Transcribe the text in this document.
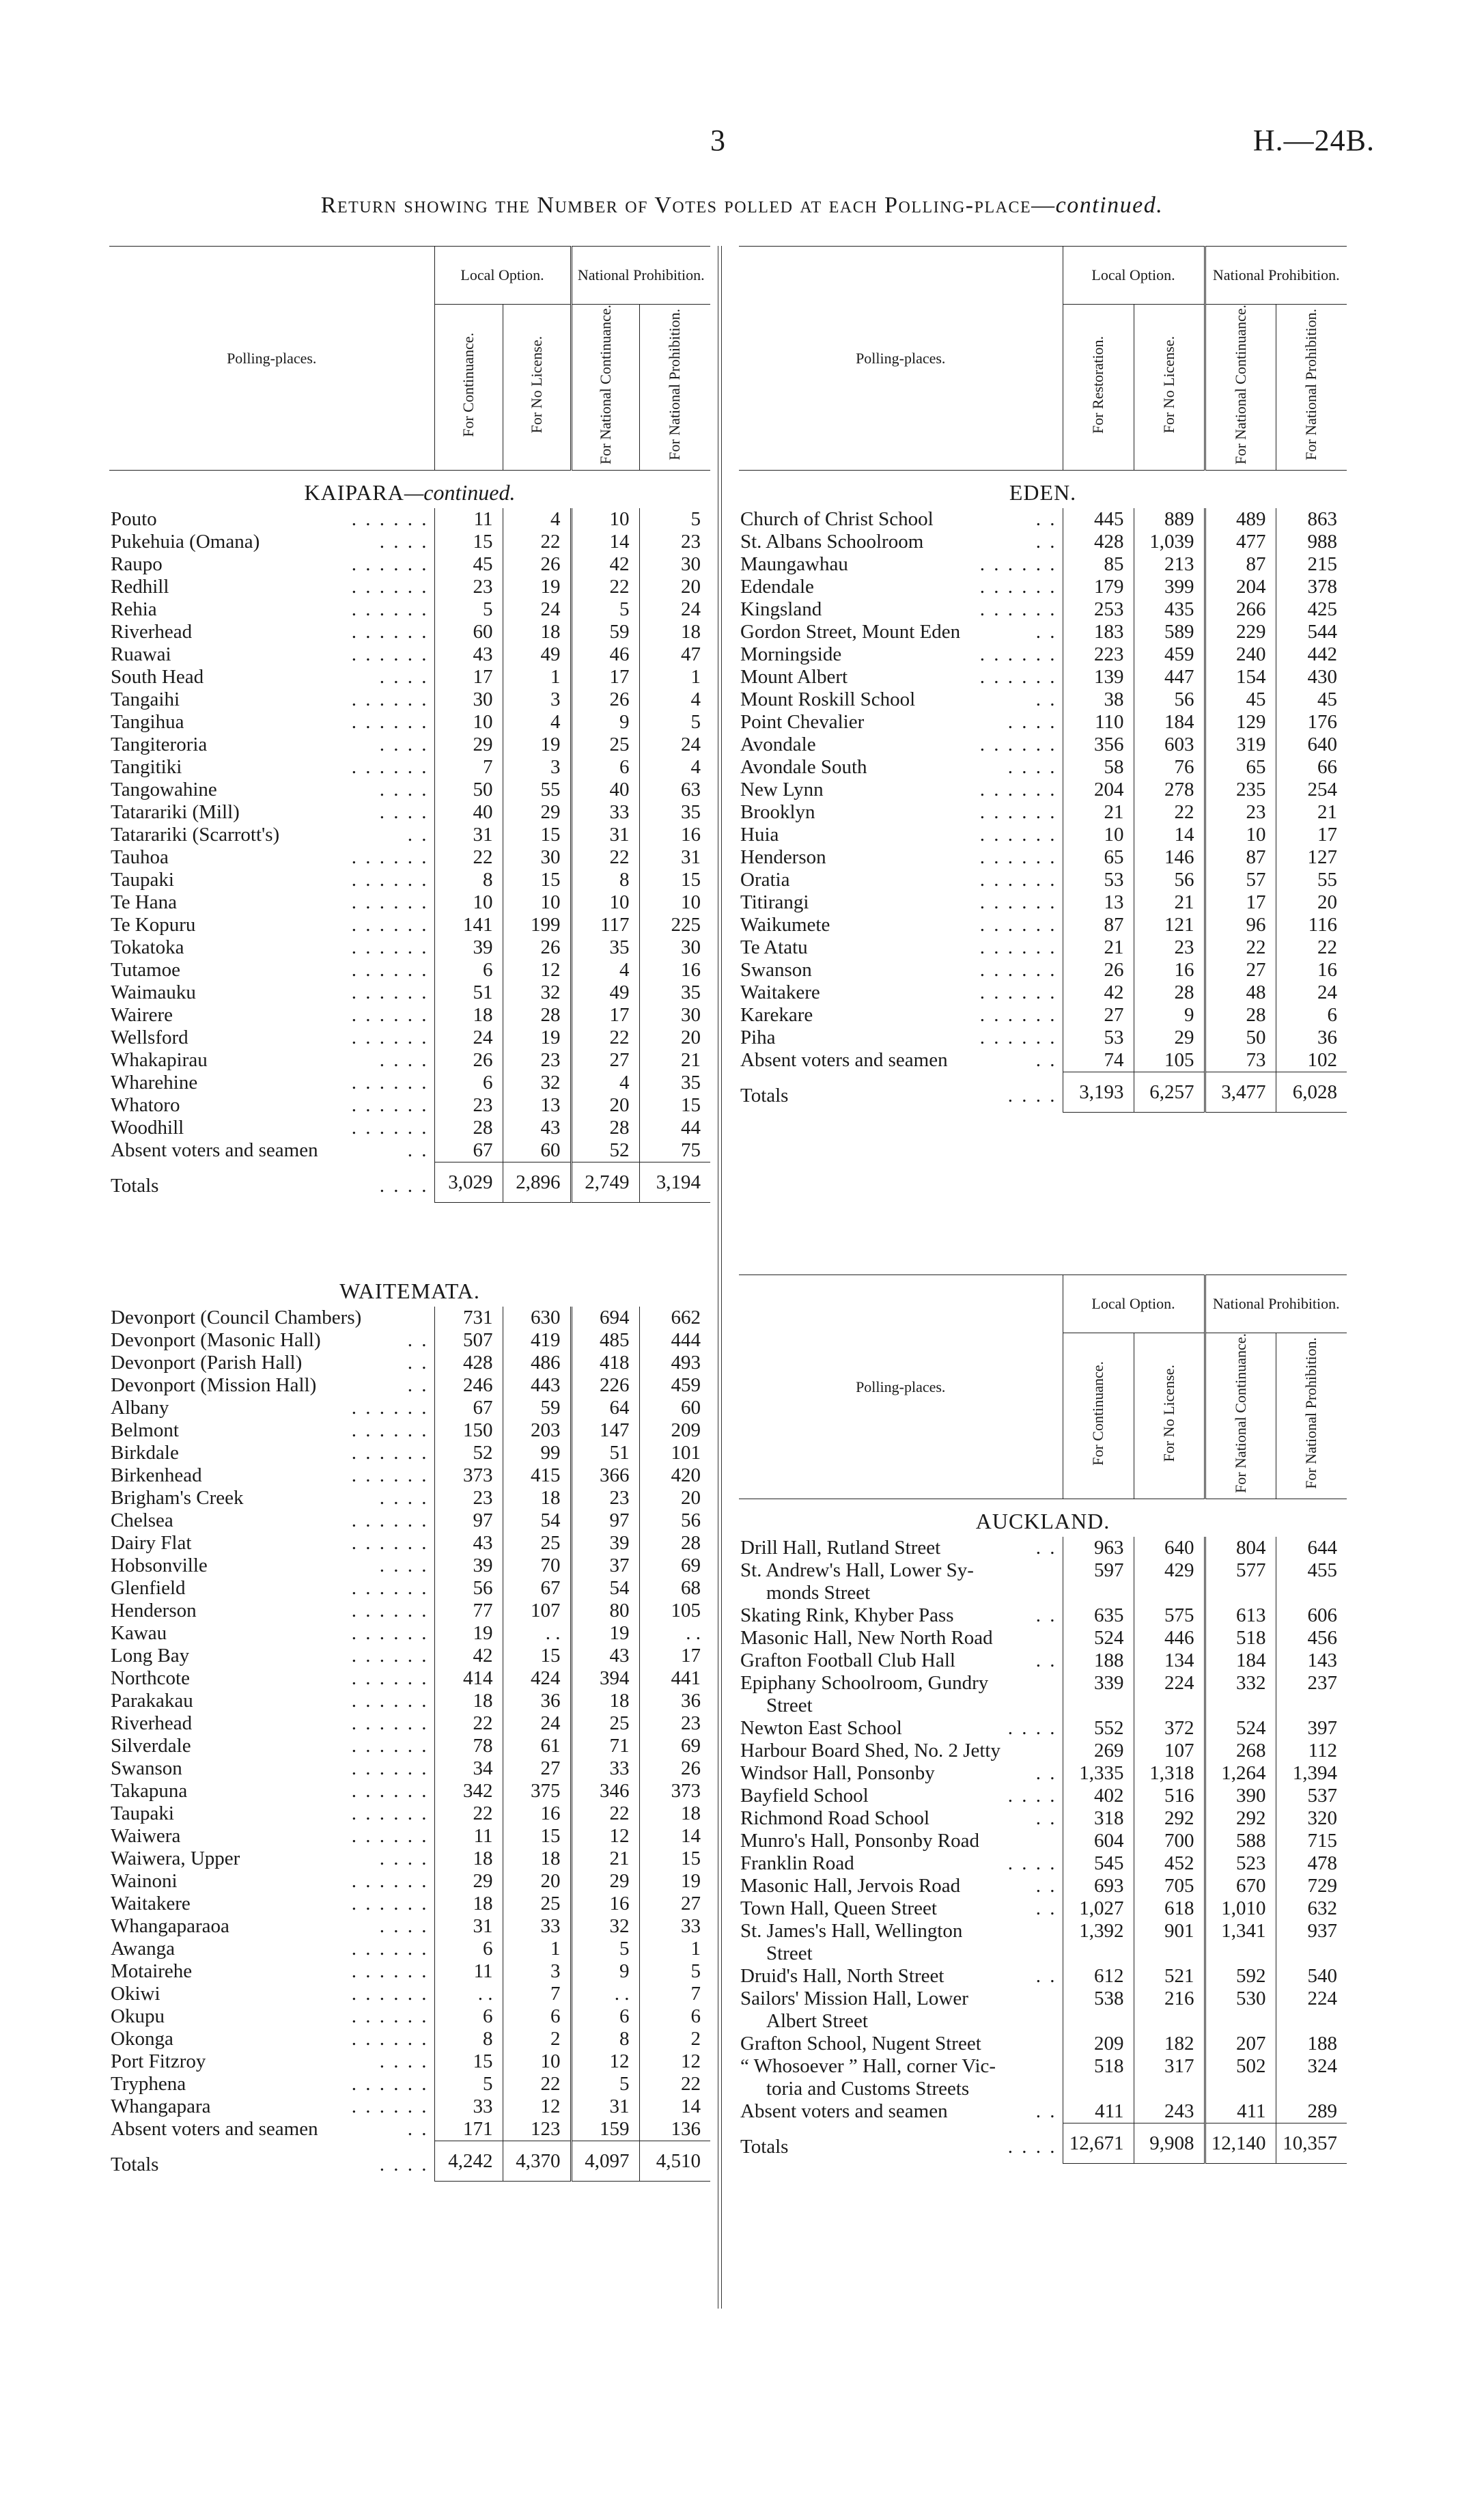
3	H.—24B.
Return showing the Number of Votes polled at each Polling-place—continued.
Polling-places.	Local Option.		National Prohibition.	
	For Continuance.	For No License.	For National Continuance.	For National Prohibition.
KAIPARA—continued.				

Pouto . . . . . .	11	4	10	5

Pukehuia (Omana) . . . .	15	22	14	23

Raupo . . . . . .	45	26	42	30

Redhill . . . . . .	23	19	22	20

Rehia . . . . . .	5	24	5	24

Riverhead . . . . . .	60	18	59	18

Ruawai . . . . . .	43	49	46	47

South Head . . . .	17	1	17	1

Tangaihi . . . . . .	30	3	26	4

Tangihua . . . . . .	10	4	9	5

Tangiteroria . . . .	29	19	25	24

Tangitiki . . . . . .	7	3	6	4

Tangowahine . . . .	50	55	40	63

Tatarariki (Mill) . . . .	40	29	33	35

Tatarariki (Scarrott's) . .	31	15	31	16

Tauhoa . . . . . .	22	30	22	31

Taupaki . . . . . .	8	15	8	15

Te Hana . . . . . .	10	10	10	10

Te Kopuru . . . . . .	141	199	117	225

Tokatoka . . . . . .	39	26	35	30

Tutamoe . . . . . .	6	12	4	16

Waimauku . . . . . .	51	32	49	35

Wairere . . . . . .	18	28	17	30

Wellsford . . . . . .	24	19	22	20

Whakapirau . . . .	26	23	27	21

Wharehine . . . . . .	6	32	4	35

Whatoro . . . . . .	23	13	20	15

Woodhill . . . . . .	28	43	28	44

Absent voters and seamen . .	67	60	52	75

Totals . . . .	3,029	2,896	2,749	3,194
WAITEMATA.				

Devonport (Council Chambers)	731	630	694	662

Devonport (Masonic Hall) . .	507	419	485	444

Devonport (Parish Hall) . .	428	486	418	493

Devonport (Mission Hall) . .	246	443	226	459

Albany . . . . . .	67	59	64	60

Belmont . . . . . .	150	203	147	209

Birkdale . . . . . .	52	99	51	101

Birkenhead . . . . . .	373	415	366	420

Brigham's Creek . . . .	23	18	23	20

Chelsea . . . . . .	97	54	97	56

Dairy Flat . . . . . .	43	25	39	28

Hobsonville . . . .	39	70	37	69

Glenfield . . . . . .	56	67	54	68

Henderson . . . . . .	77	107	80	105

Kawau . . . . . .	19	. .	19	. .

Long Bay . . . . . .	42	15	43	17

Northcote . . . . . .	414	424	394	441

Parakakau . . . . . .	18	36	18	36

Riverhead . . . . . .	22	24	25	23

Silverdale . . . . . .	78	61	71	69

Swanson . . . . . .	34	27	33	26

Takapuna . . . . . .	342	375	346	373

Taupaki . . . . . .	22	16	22	18

Waiwera . . . . . .	11	15	12	14

Waiwera, Upper . . . .	18	18	21	15

Wainoni . . . . . .	29	20	29	19

Waitakere . . . . . .	18	25	16	27

Whangaparaoa . . . .	31	33	32	33

Awanga . . . . . .	6	1	5	1

Motairehe . . . . . .	11	3	9	5

Okiwi . . . . . .	. .	7	. .	7

Okupu . . . . . .	6	6	6	6

Okonga . . . . . .	8	2	8	2

Port Fitzroy . . . .	15	10	12	12

Tryphena . . . . . .	5	22	5	22

Whangapara . . . . . .	33	12	31	14

Absent voters and seamen . .	171	123	159	136

Totals . . . .	4,242	4,370	4,097	4,510
Polling-places.	Local Option.		National Prohibition.	
	For Restoration.	For No License.	For National Continuance.	For National Prohibition.
EDEN.				

Church of Christ School . .	445	889	489	863

St. Albans Schoolroom . .	428	1,039	477	988

Maungawhau . . . . . .	85	213	87	215

Edendale . . . . . .	179	399	204	378

Kingsland . . . . . .	253	435	266	425

Gordon Street, Mount Eden . .	183	589	229	544

Morningside . . . . . .	223	459	240	442

Mount Albert . . . . . .	139	447	154	430

Mount Roskill School . .	38	56	45	45

Point Chevalier . . . .	110	184	129	176

Avondale . . . . . .	356	603	319	640

Avondale South . . . .	58	76	65	66

New Lynn . . . . . .	204	278	235	254

Brooklyn . . . . . .	21	22	23	21

Huia . . . . . .	10	14	10	17

Henderson . . . . . .	65	146	87	127

Oratia . . . . . .	53	56	57	55

Titirangi . . . . . .	13	21	17	20

Waikumete . . . . . .	87	121	96	116

Te Atatu . . . . . .	21	23	22	22

Swanson . . . . . .	26	16	27	16

Waitakere . . . . . .	42	28	48	24

Karekare . . . . . .	27	9	28	6

Piha . . . . . .	53	29	50	36

Absent voters and seamen . .	74	105	73	102

Totals . . . .	3,193	6,257	3,477	6,028
Polling-places.	Local Option.		National Prohibition.	
	For Continuance.	For No License.	For National Continuance.	For National Prohibition.
AUCKLAND.				

Drill Hall, Rutland Street . .	963	640	804	644

St. Andrew's Hall, Lower Sy-	597	429	577	455

monds Street				

Skating Rink, Khyber Pass . .	635	575	613	606

Masonic Hall, New North Road	524	446	518	456

Grafton Football Club Hall . .	188	134	184	143

Epiphany Schoolroom, Gundry	339	224	332	237

Street				

Newton East School . . . .	552	372	524	397

Harbour Board Shed, No. 2 Jetty	269	107	268	112

Windsor Hall, Ponsonby . .	1,335	1,318	1,264	1,394

Bayfield School . . . .	402	516	390	537

Richmond Road School . .	318	292	292	320

Munro's Hall, Ponsonby Road	604	700	588	715

Franklin Road . . . .	545	452	523	478

Masonic Hall, Jervois Road . .	693	705	670	729

Town Hall, Queen Street . .	1,027	618	1,010	632

St. James's Hall, Wellington	1,392	901	1,341	937

Street				

Druid's Hall, North Street . .	612	521	592	540

Sailors' Mission Hall, Lower	538	216	530	224

Albert Street				

Grafton School, Nugent Street	209	182	207	188

“ Whosoever ” Hall, corner Vic-	518	317	502	324

toria and Customs Streets				

Absent voters and seamen . .	411	243	411	289

Totals . . . .	12,671	9,908	12,140	10,357
